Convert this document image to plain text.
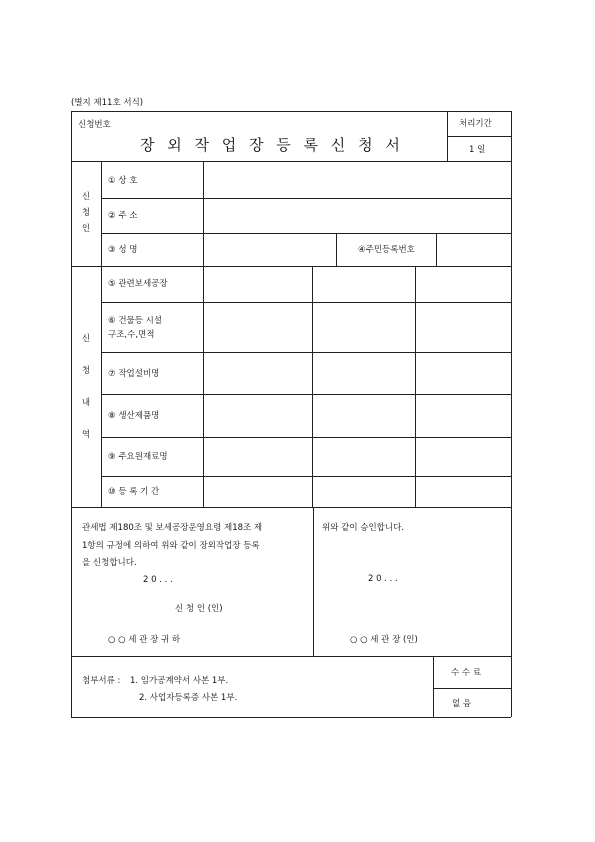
(별지 제11호 서식)
신청번호
장 외 작 업 장 등 록 신 청 서
처리기간
1 일
신
청
인
① 상 호
② 주 소
③ 성 명	④주민등록번호
신
청
내
역
⑤ 관련보세공장
⑥ 건물등 시설
구조,수,면적
⑦ 작업설비명
⑧ 생산제품명
⑨ 주요원재료명
⑩ 등 록 기 간
관세법 제180조 및 보세공장운영요령 제18조 제
1항의 규정에 의하여 위와 같이 장외작업장 등록
을 신청합니다.
2 0 . . .
신 청 인 (인)
○ ○ 세 관 장 귀 하
위와 같이 승인합니다.
2 0 . . .
○ ○ 세 관 장 (인)
첨부서류 : 1. 임가공계약서 사본 1부.
2. 사업자등록증 사본 1부.
수 수 료
없 음
